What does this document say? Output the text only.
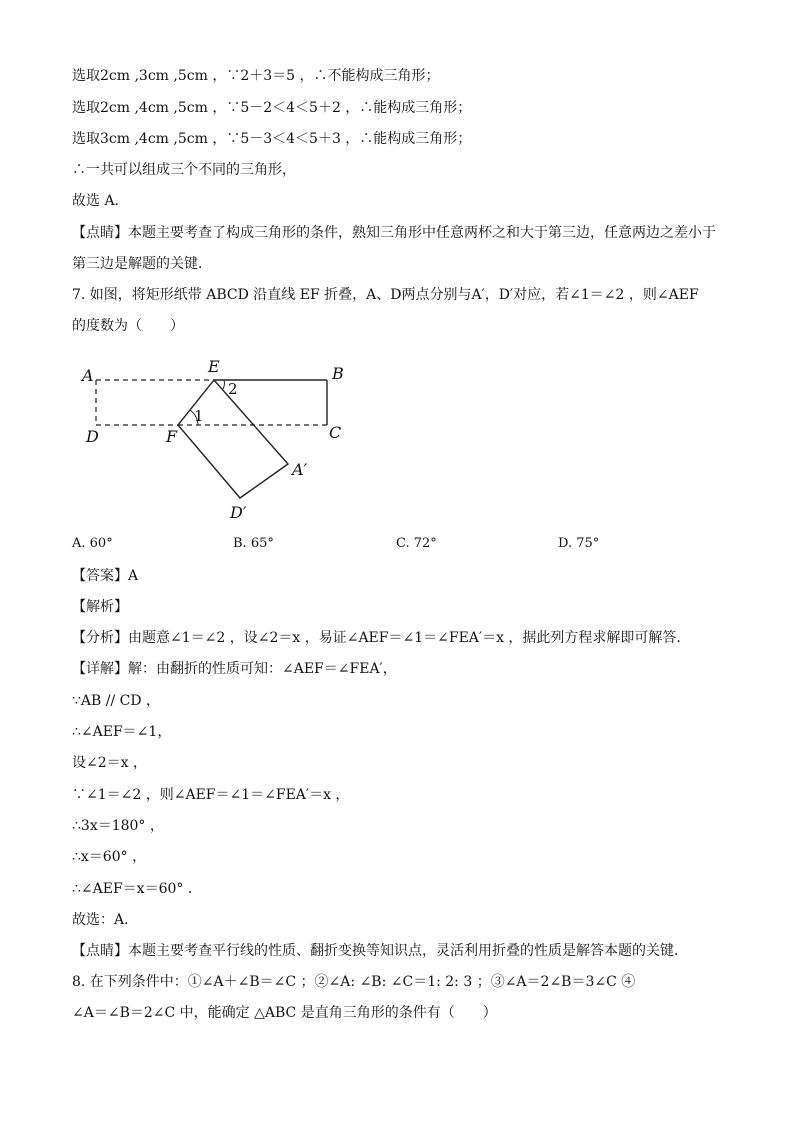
选取2cm ,3cm ,5cm ，∵2＋3＝5 ，∴不能构成三角形；
选取2cm ,4cm ,5cm ，∵5－2＜4＜5＋2 ，∴能构成三角形；
选取3cm ,4cm ,5cm ，∵5－3＜4＜5＋3 ，∴能构成三角形；
∴一共可以组成三个不同的三角形，
故选 A．
【点睛】本题主要考查了构成三角形的条件，熟知三角形中任意两杯之和大于第三边，任意两边之差小于
第三边是解题的关键．
7. 如图，将矩形纸带 ABCD 沿直线 EF 折叠，A、D两点分别与A′，D′对应，若∠1＝∠2 ，则∠AEF
的度数为（　　）
A	E	B
D	F	C
A′
D′
1
2
A. 60°	B. 65°	C. 72°	D. 75°
【答案】A
【解析】
【分析】由题意∠1＝∠2 ，设∠2＝x ，易证∠AEF＝∠1＝∠FEA′＝x ，据此列方程求解即可解答．
【详解】解：由翻折的性质可知：∠AEF＝∠FEA′，
∵AB // CD ，
∴∠AEF＝∠1，
设∠2＝x ，
∵∠1＝∠2 ，则∠AEF＝∠1＝∠FEA′＝x ，
∴3x＝180° ，
∴x＝60° ，
∴∠AEF＝x＝60° ．
故选：A．
【点睛】本题主要考查平行线的性质、翻折变换等知识点，灵活利用折叠的性质是解答本题的关键．
8. 在下列条件中：①∠A＋∠B＝∠C ；②∠A: ∠B: ∠C＝1: 2: 3 ；③∠A＝2∠B＝3∠C ④
∠A＝∠B＝2∠C 中，能确定 △ABC 是直角三角形的条件有（　　）
